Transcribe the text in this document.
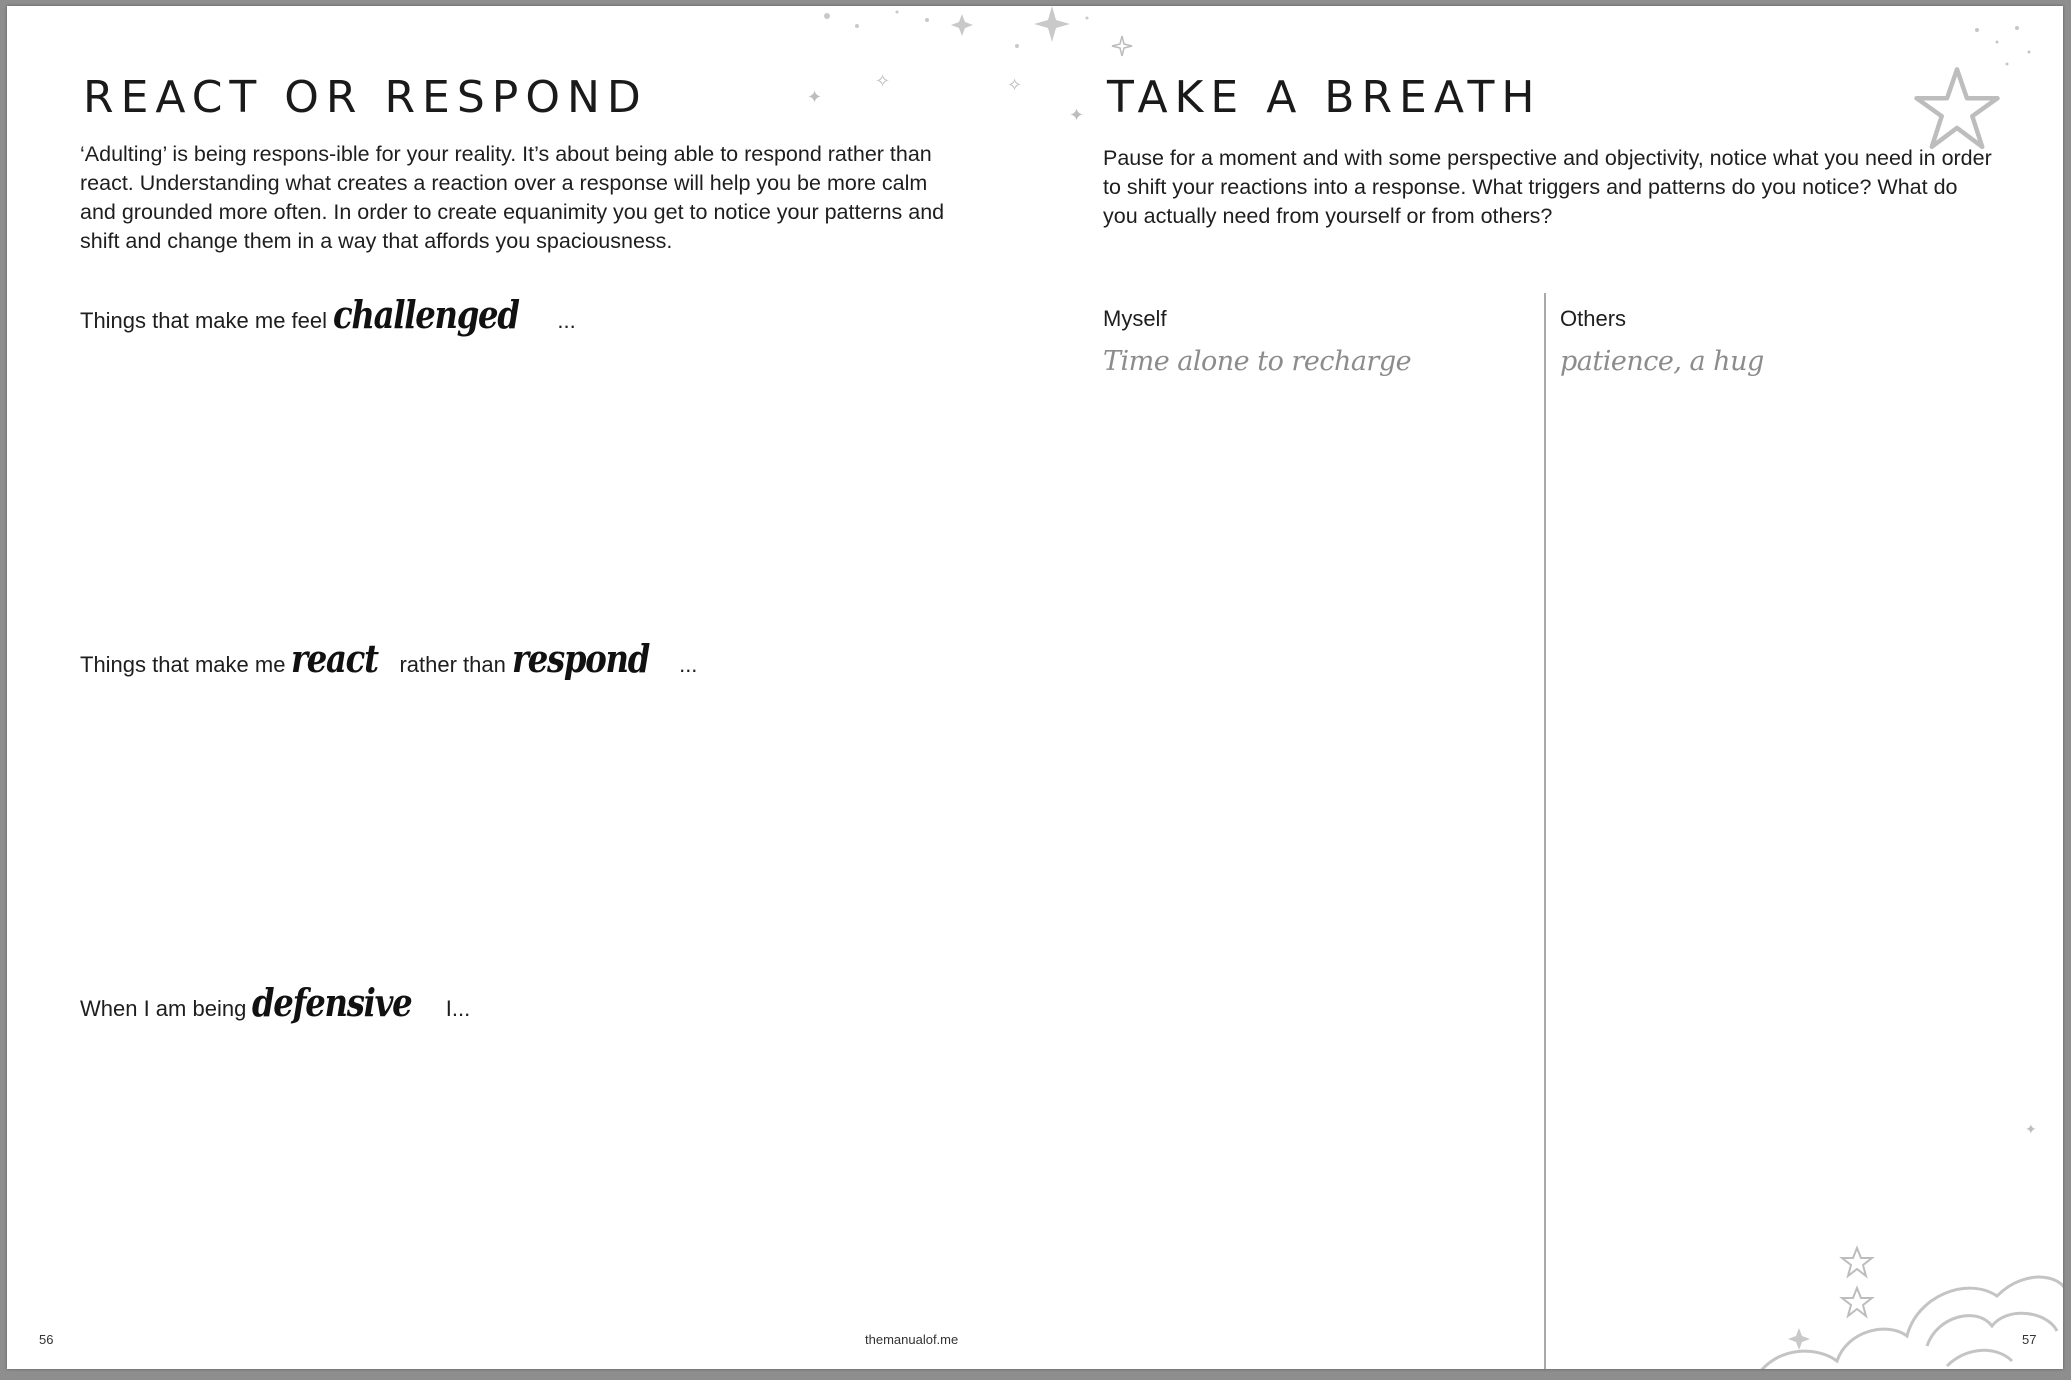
✦
✧	✧
✦
REACT OR RESPOND

‘Adulting’ is being respons-ible for your reality. It’s about being able to respond rather than react. Understanding what creates a reaction over a response will help you be more calm and grounded more often. In order to create equanimity you get to notice your patterns and shift and change them in a way that affords you spaciousness.

Things that make me feel challenged ...
Things that make me react rather than respond ...
When I am being defensive I...
56	themanualof.me
TAKE A BREATH

Pause for a moment and with some perspective and objectivity, notice what you need in order to shift your reactions into a response. What triggers and patterns do you notice? What do you actually need from yourself or from others?

Myself
Time alone to recharge
Others
patience, a hug
✦
57
